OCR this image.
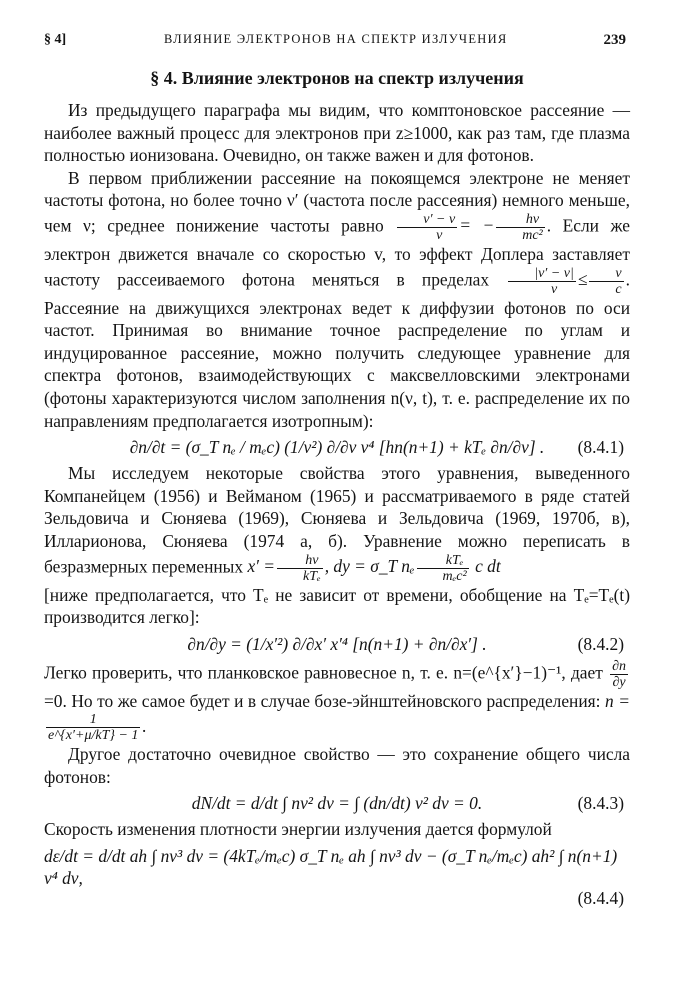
§ 4]	ВЛИЯНИЕ ЭЛЕКТРОНОВ НА СПЕКТР ИЗЛУЧЕНИЯ	239
§ 4. Влияние электронов на спектр излучения

Из предыдущего параграфа мы видим, что комптоновское рассеяние — наиболее важный процесс для электронов при z≥1000, как раз там, где плазма полностью ионизована. Очевидно, он также важен и для фотонов.

В первом приближении рассеяние на покоящемся электроне не меняет частоты фотона, но более точно ν′ (частота после рассеяния) немного меньше, чем ν; среднее понижение частоты равно $\frac{\nu' - \nu}{\nu}$ = − $\frac{h\nu}{\text{mc²}}$ . Если же электрон движется вначале со скоростью v, то эффект Доплера заставляет частоту рассеиваемого фотона меняться в пределах $\frac{|\nu' - \nu|}{\nu} \le \frac{v}{c}$ . Рассеяние на движущихся электронах ведет к диффузии фотонов по оси частот. Принимая во внимание точное распределение по углам и индуцированное рассеяние, можно получить следующее уравнение для спектра фотонов, взаимодействующих с максвелловскими электронами (фотоны характеризуются числом заполнения n(ν, t), т. е. распределение их по направлениям предполагается изотропным):

∂n/∂t = (σ_T nₑ / mₑc) (1/ν²) ∂/∂ν ν⁴ [hn(n+1) + kTₑ ∂n/∂ν] . (8.4.1)

Мы исследуем некоторые свойства этого уравнения, выведенного Компанейцем (1956) и Вейманом (1965) и рассматриваемого в ряде статей Зельдовича и Сюняева (1969), Сюняева и Зельдовича (1969, 1970б, в), Илларионова, Сюняева (1974 а, б). Уравнение можно переписать в безразмерных переменных $x' = \frac{h\nu}{\text{kTₑ}}$ , dy = σ_T nₑ $\frac{\text{kTₑ}}{\text{mₑc²}}$ c dt

[ниже предполагается, что Tₑ не зависит от времени, обобщение на Tₑ=Tₑ(t) производится легко]:

∂n/∂y = (1/x′²) ∂/∂x′ x′⁴ [n(n+1) + ∂n/∂x′] .	(8.4.2)

Легко проверить, что планковское равновесное n, т. е. n=(e^{x′}−1)⁻¹, дает $\frac{\partial n}{\partial y}$
=0. Но то же самое будет и в случае бозе-эйнштейновского распределения: n =
$\frac{1}{e\^{}\{x'+\mu/kT\} - 1}$ .

Другое достаточно очевидное свойство — это сохранение общего числа фотонов:

dN/dt = d/dt ∫ nν² dν = ∫ (dn/dt) ν² dν = 0.	(8.4.3)

Скорость изменения плотности энергии излучения дается формулой

dε/dt = d/dt ah ∫ nν³ dν = (4kTₑ/mₑc) σ_T nₑ ah ∫ nν³ dν − (σ_T nₑ/mₑc) ah² ∫ n(n+1) ν⁴ dν,
(8.4.4)
